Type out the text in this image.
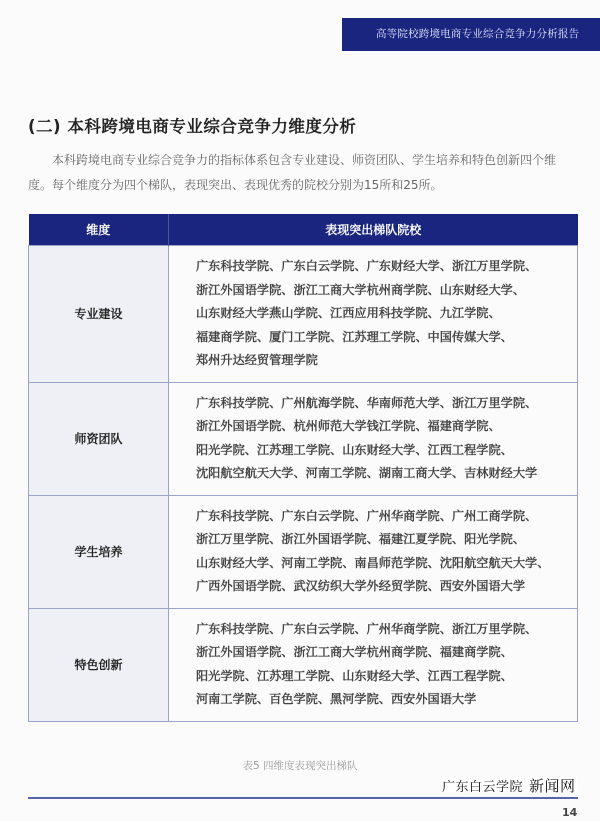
高等院校跨境电商专业综合竞争力分析报告
(二) 本科跨境电商专业综合竞争力维度分析
本科跨境电商专业综合竞争力的指标体系包含专业建设、师资团队、学生培养和特色创新四个维度。每个维度分为四个梯队，表现突出、表现优秀的院校分别为15所和25所。
维度	表现突出梯队院校
专业建设	广东科技学院、广东白云学院、广东财经大学、浙江万里学院、
浙江外国语学院、浙江工商大学杭州商学院、山东财经大学、
山东财经大学燕山学院、江西应用科技学院、九江学院、
福建商学院、厦门工学院、江苏理工学院、中国传媒大学、
郑州升达经贸管理学院

师资团队	广东科技学院、广州航海学院、华南师范大学、浙江万里学院、
浙江外国语学院、杭州师范大学钱江学院、福建商学院、
阳光学院、江苏理工学院、山东财经大学、江西工程学院、
沈阳航空航天大学、河南工学院、湖南工商大学、吉林财经大学

学生培养	广东科技学院、广东白云学院、广州华商学院、广州工商学院、
浙江万里学院、浙江外国语学院、福建江夏学院、阳光学院、
山东财经大学、河南工学院、南昌师范学院、沈阳航空航天大学、
广西外国语学院、武汉纺织大学外经贸学院、西安外国语大学

特色创新	广东科技学院、广东白云学院、广州华商学院、浙江万里学院、
浙江外国语学院、浙江工商大学杭州商学院、福建商学院、
阳光学院、江苏理工学院、山东财经大学、江西工程学院、
河南工学院、百色学院、黑河学院、西安外国语大学
表5 四维度表现突出梯队
广东白云学院 新闻网
14
